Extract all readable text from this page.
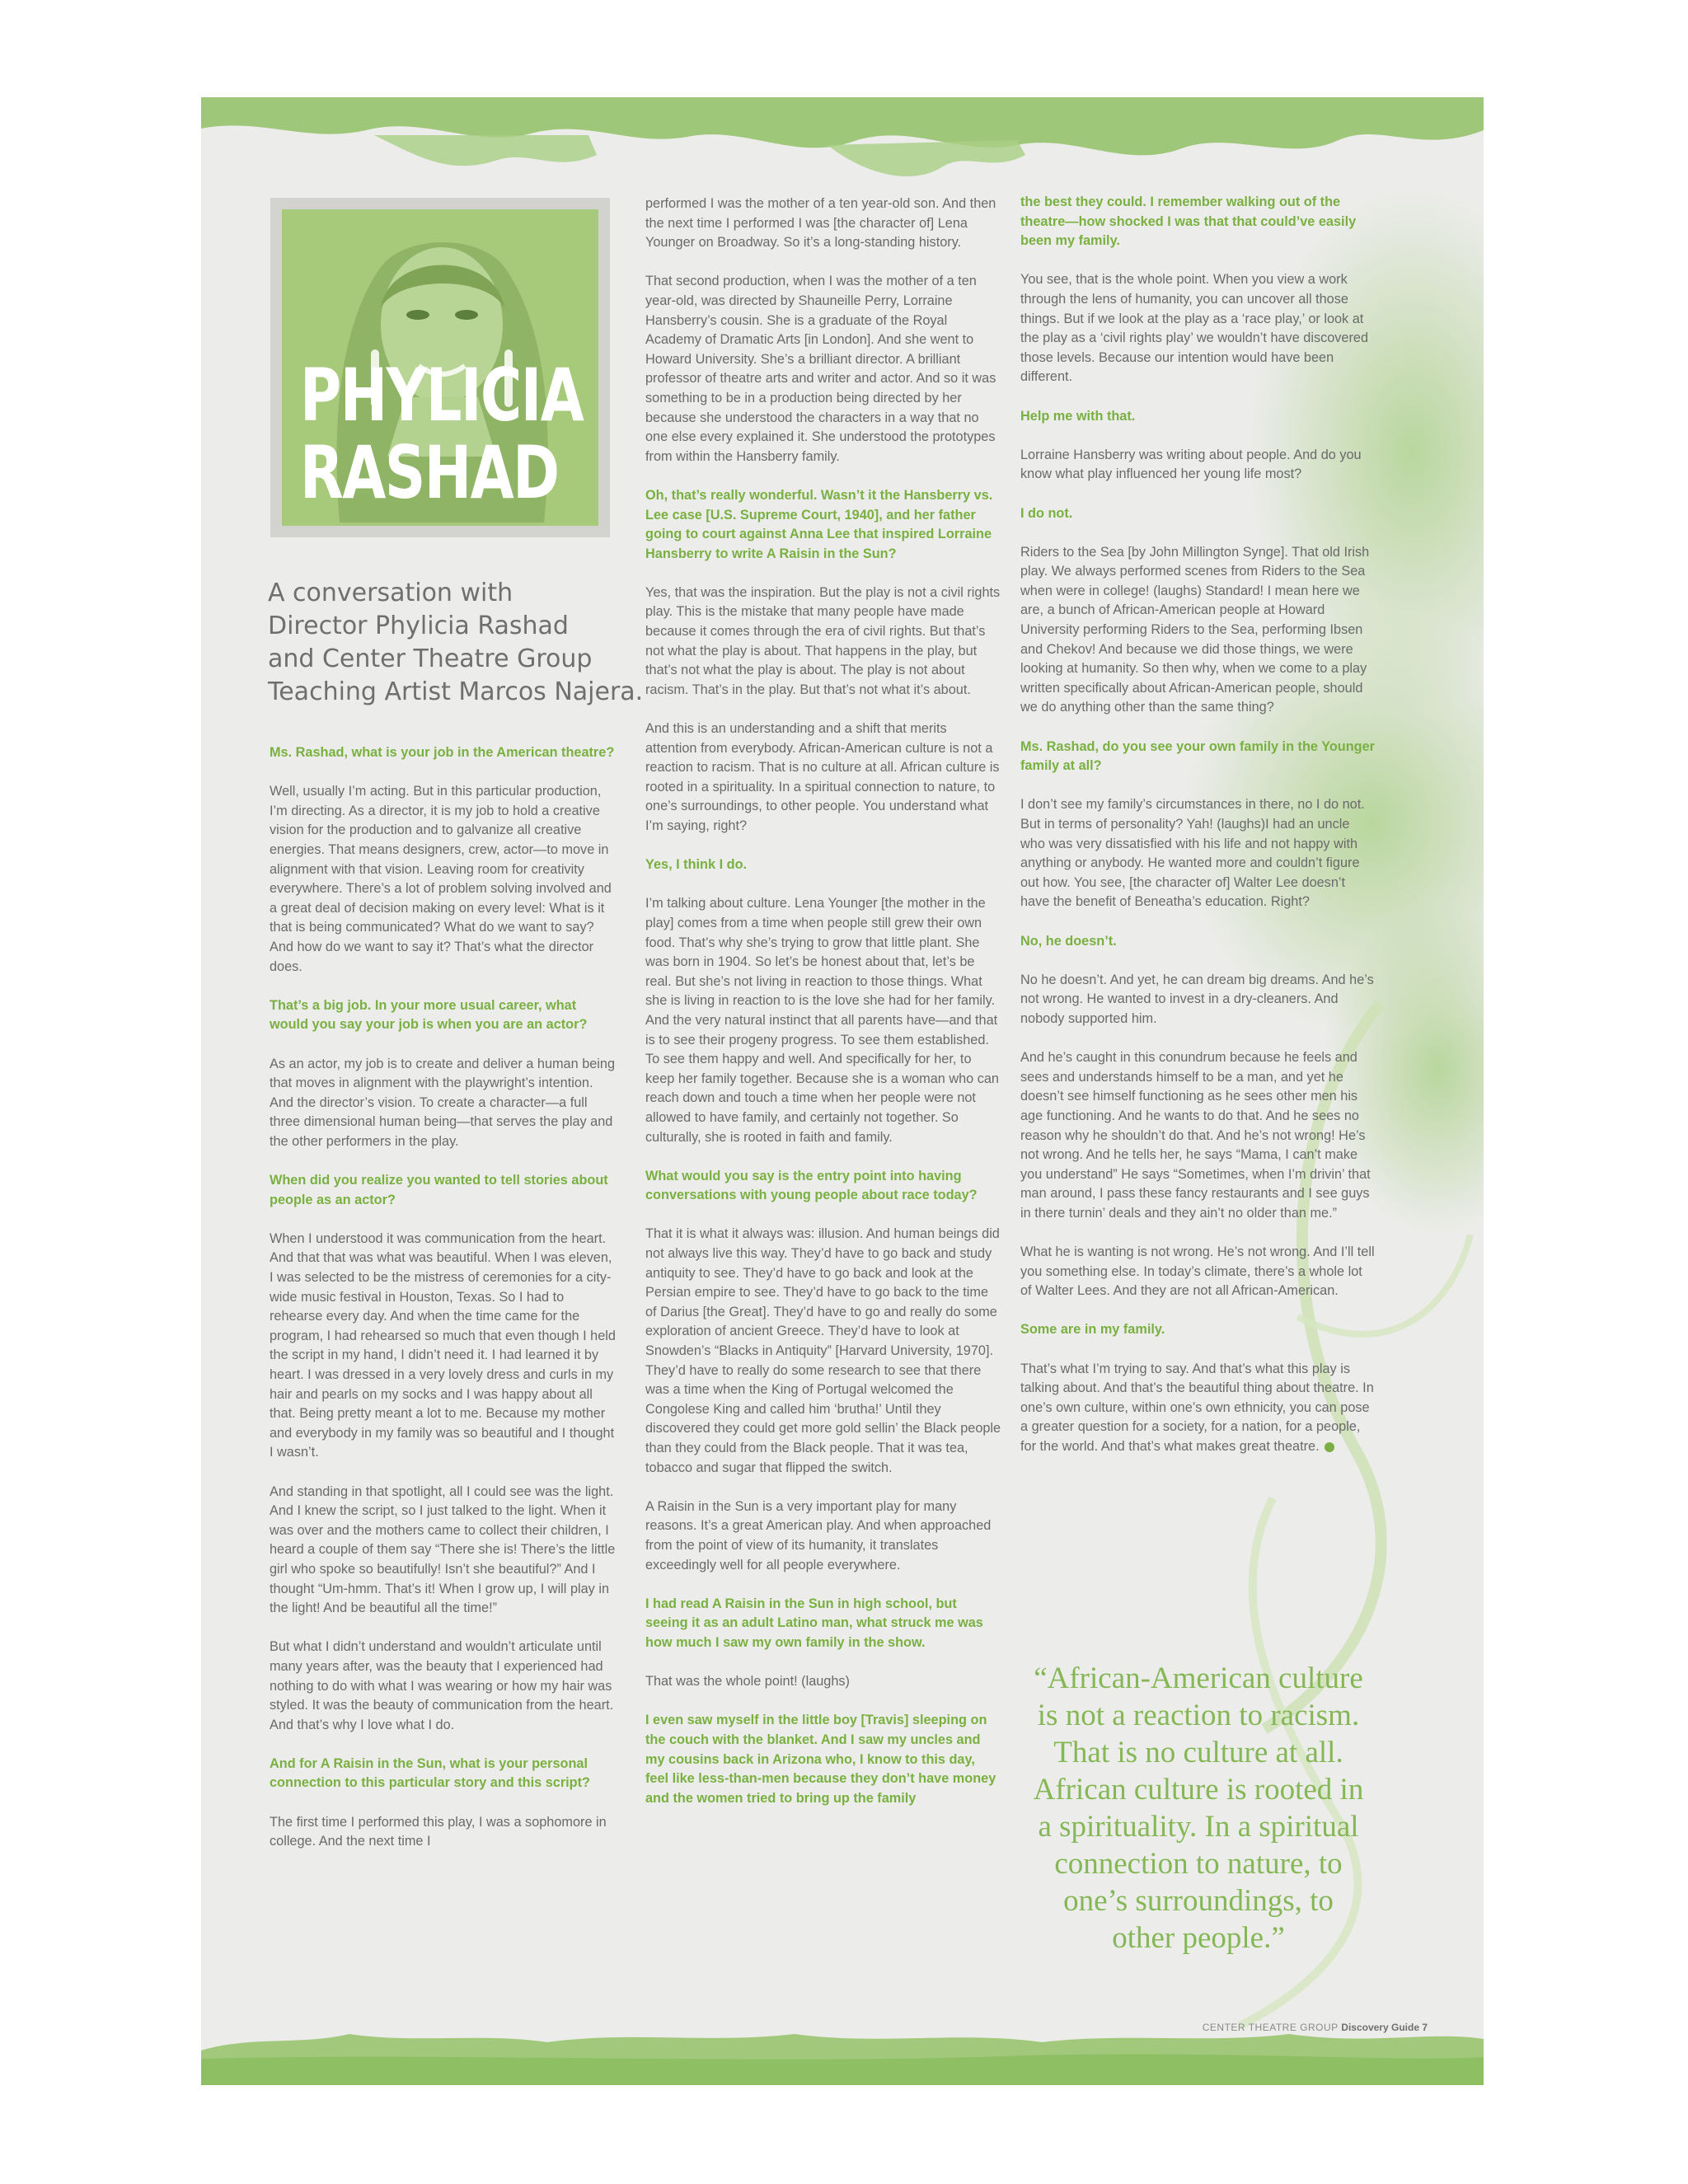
PHYLICIA
RASHAD
A conversation with
Director Phylicia Rashad
and Center Theatre Group
Teaching Artist Marcos Najera.

Ms. Rashad, what is your job in the American theatre?

Well, usually I’m acting. But in this particular production, I’m directing. As a director, it is my job to hold a creative vision for the production and to galvanize all creative energies. That means designers, crew, actor—to move in alignment with that vision. Leaving room for creativity everywhere. There’s a lot of problem solving involved and a great deal of decision making on every level: What is it that is being communicated? What do we want to say? And how do we want to say it? That’s what the director does.

That’s a big job. In your more usual career, what would you say your job is when you are an actor?

As an actor, my job is to create and deliver a human being that moves in alignment with the playwright’s intention. And the director’s vision. To create a character—a full three dimensional human being—that serves the play and the other performers in the play.

When did you realize you wanted to tell stories about people as an actor?

When I understood it was communication from the heart. And that that was what was beautiful. When I was eleven, I was selected to be the mistress of ceremonies for a city-wide music festival in Houston, Texas. So I had to rehearse every day. And when the time came for the program, I had rehearsed so much that even though I held the script in my hand, I didn’t need it. I had learned it by heart. I was dressed in a very lovely dress and curls in my hair and pearls on my socks and I was happy about all that. Being pretty meant a lot to me. Because my mother and everybody in my family was so beautiful and I thought I wasn’t.

And standing in that spotlight, all I could see was the light. And I knew the script, so I just talked to the light. When it was over and the mothers came to collect their children, I heard a couple of them say “There she is! There’s the little girl who spoke so beautifully! Isn’t she beautiful?” And I thought “Um-hmm. That’s it! When I grow up, I will play in the light! And be beautiful all the time!”

But what I didn’t understand and wouldn’t articulate until many years after, was the beauty that I experienced had nothing to do with what I was wearing or how my hair was styled. It was the beauty of communication from the heart. And that’s why I love what I do.

And for A Raisin in the Sun, what is your personal connection to this particular story and this script?

The first time I performed this play, I was a sophomore in college. And the next time I

performed I was the mother of a ten year-old son. And then the next time I performed I was [the character of] Lena Younger on Broadway. So it’s a long-standing history.

That second production, when I was the mother of a ten year-old, was directed by Shauneille Perry, Lorraine Hansberry’s cousin. She is a graduate of the Royal Academy of Dramatic Arts [in London]. And she went to Howard University. She’s a brilliant director. A brilliant professor of theatre arts and writer and actor. And so it was something to be in a production being directed by her because she understood the characters in a way that no one else every explained it. She understood the prototypes from within the Hansberry family.

Oh, that’s really wonderful. Wasn’t it the Hansberry vs. Lee case [U.S. Supreme Court, 1940], and her father going to court against Anna Lee that inspired Lorraine Hansberry to write A Raisin in the Sun?

Yes, that was the inspiration. But the play is not a civil rights play. This is the mistake that many people have made because it comes through the era of civil rights. But that’s not what the play is about. That happens in the play, but that’s not what the play is about. The play is not about racism. That’s in the play. But that’s not what it’s about.

And this is an understanding and a shift that merits attention from everybody. African-American culture is not a reaction to racism. That is no culture at all. African culture is rooted in a spirituality. In a spiritual connection to nature, to one’s surroundings, to other people. You understand what I’m saying, right?

Yes, I think I do.

I’m talking about culture. Lena Younger [the mother in the play] comes from a time when people still grew their own food. That’s why she’s trying to grow that little plant. She was born in 1904. So let’s be honest about that, let’s be real. But she’s not living in reaction to those things. What she is living in reaction to is the love she had for her family. And the very natural instinct that all parents have—and that is to see their progeny progress. To see them established. To see them happy and well. And specifically for her, to keep her family together. Because she is a woman who can reach down and touch a time when her people were not allowed to have family, and certainly not together. So culturally, she is rooted in faith and family.

What would you say is the entry point into having conversations with young people about race today?

That it is what it always was: illusion. And human beings did not always live this way. They’d have to go back and study antiquity to see. They’d have to go back and look at the Persian empire to see. They’d have to go back to the time of Darius [the Great]. They’d have to go and really do some exploration of ancient Greece. They’d have to look at Snowden’s “Blacks in Antiquity” [Harvard University, 1970]. They’d have to really do some research to see that there was a time when the King of Portugal welcomed the Congolese King and called him ‘brutha!’ Until they discovered they could get more gold sellin’ the Black people than they could from the Black people. That it was tea, tobacco and sugar that flipped the switch.

A Raisin in the Sun is a very important play for many reasons. It’s a great American play. And when approached from the point of view of its humanity, it translates exceedingly well for all people everywhere.

I had read A Raisin in the Sun in high school, but seeing it as an adult Latino man, what struck me was how much I saw my own family in the show.

That was the whole point! (laughs)

I even saw myself in the little boy [Travis] sleeping on the couch with the blanket. And I saw my uncles and my cousins back in Arizona who, I know to this day, feel like less-than-men because they don’t have money and the women tried to bring up the family

the best they could. I remember walking out of the theatre—how shocked I was that that could’ve easily been my family.

You see, that is the whole point. When you view a work through the lens of humanity, you can uncover all those things. But if we look at the play as a ‘race play,’ or look at the play as a ‘civil rights play’ we wouldn’t have discovered those levels. Because our intention would have been different.

Help me with that.

Lorraine Hansberry was writing about people. And do you know what play influenced her young life most?

I do not.

Riders to the Sea [by John Millington Synge]. That old Irish play. We always performed scenes from Riders to the Sea when were in college! (laughs) Standard! I mean here we are, a bunch of African-American people at Howard University performing Riders to the Sea, performing Ibsen and Chekov! And because we did those things, we were looking at humanity. So then why, when we come to a play written specifically about African-American people, should we do anything other than the same thing?

Ms. Rashad, do you see your own family in the Younger family at all?

I don’t see my family’s circumstances in there, no I do not. But in terms of personality? Yah! (laughs)I had an uncle who was very dissatisfied with his life and not happy with anything or anybody. He wanted more and couldn’t figure out how. You see, [the character of] Walter Lee doesn’t have the benefit of Beneatha’s education. Right?

No, he doesn’t.

No he doesn’t. And yet, he can dream big dreams. And he’s not wrong. He wanted to invest in a dry-cleaners. And nobody supported him.

And he’s caught in this conundrum because he feels and sees and understands himself to be a man, and yet he doesn’t see himself functioning as he sees other men his age functioning. And he wants to do that. And he sees no reason why he shouldn’t do that. And he’s not wrong! He’s not wrong. And he tells her, he says “Mama, I can’t make you understand” He says “Sometimes, when I’m drivin’ that man around, I pass these fancy restaurants and I see guys in there turnin’ deals and they ain’t no older than me.”

What he is wanting is not wrong. He’s not wrong. And I’ll tell you something else. In today’s climate, there’s a whole lot of Walter Lees. And they are not all African-American.

Some are in my family.

That’s what I’m trying to say. And that’s what this play is talking about. And that’s the beautiful thing about theatre. In one’s own culture, within one’s own ethnicity, you can pose a greater question for a society, for a nation, for a people, for the world. And that’s what makes great theatre.

“African-American culture
is not a reaction to racism.
That is no culture at all.
African culture is rooted in
a spirituality. In a spiritual
connection to nature, to
one’s surroundings, to
other people.”
CENTER THEATRE GROUP Discovery Guide 7
